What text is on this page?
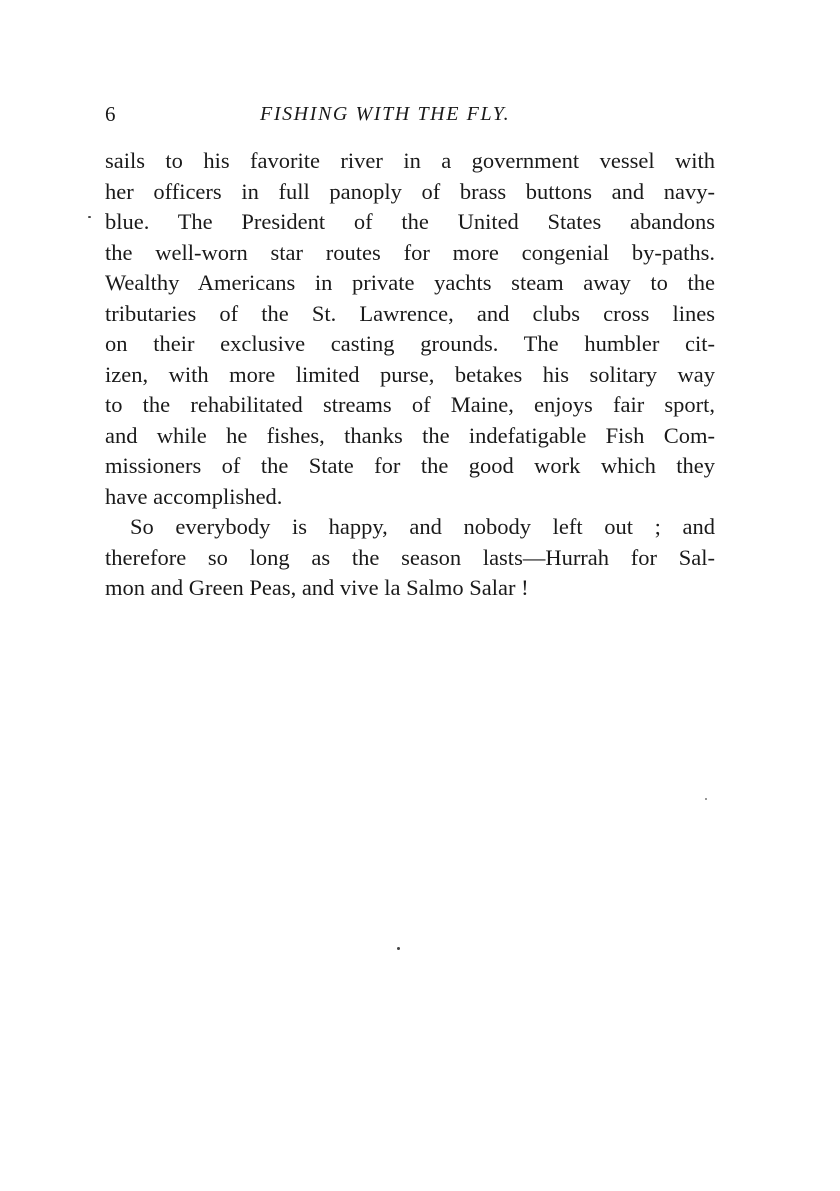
6	FISHING WITH THE FLY.
sails to his favorite river in a government vessel with
her officers in full panoply of brass buttons and navy-
blue. The President of the United States abandons
the well-worn star routes for more congenial by-paths.
Wealthy Americans in private yachts steam away to the
tributaries of the St. Lawrence, and clubs cross lines
on their exclusive casting grounds. The humbler cit-
izen, with more limited purse, betakes his solitary way
to the rehabilitated streams of Maine, enjoys fair sport,
and while he fishes, thanks the indefatigable Fish Com-
missioners of the State for the good work which they
have accomplished.
So everybody is happy, and nobody left out ; and
therefore so long as the season lasts—Hurrah for Sal-
mon and Green Peas, and vive la Salmo Salar !
